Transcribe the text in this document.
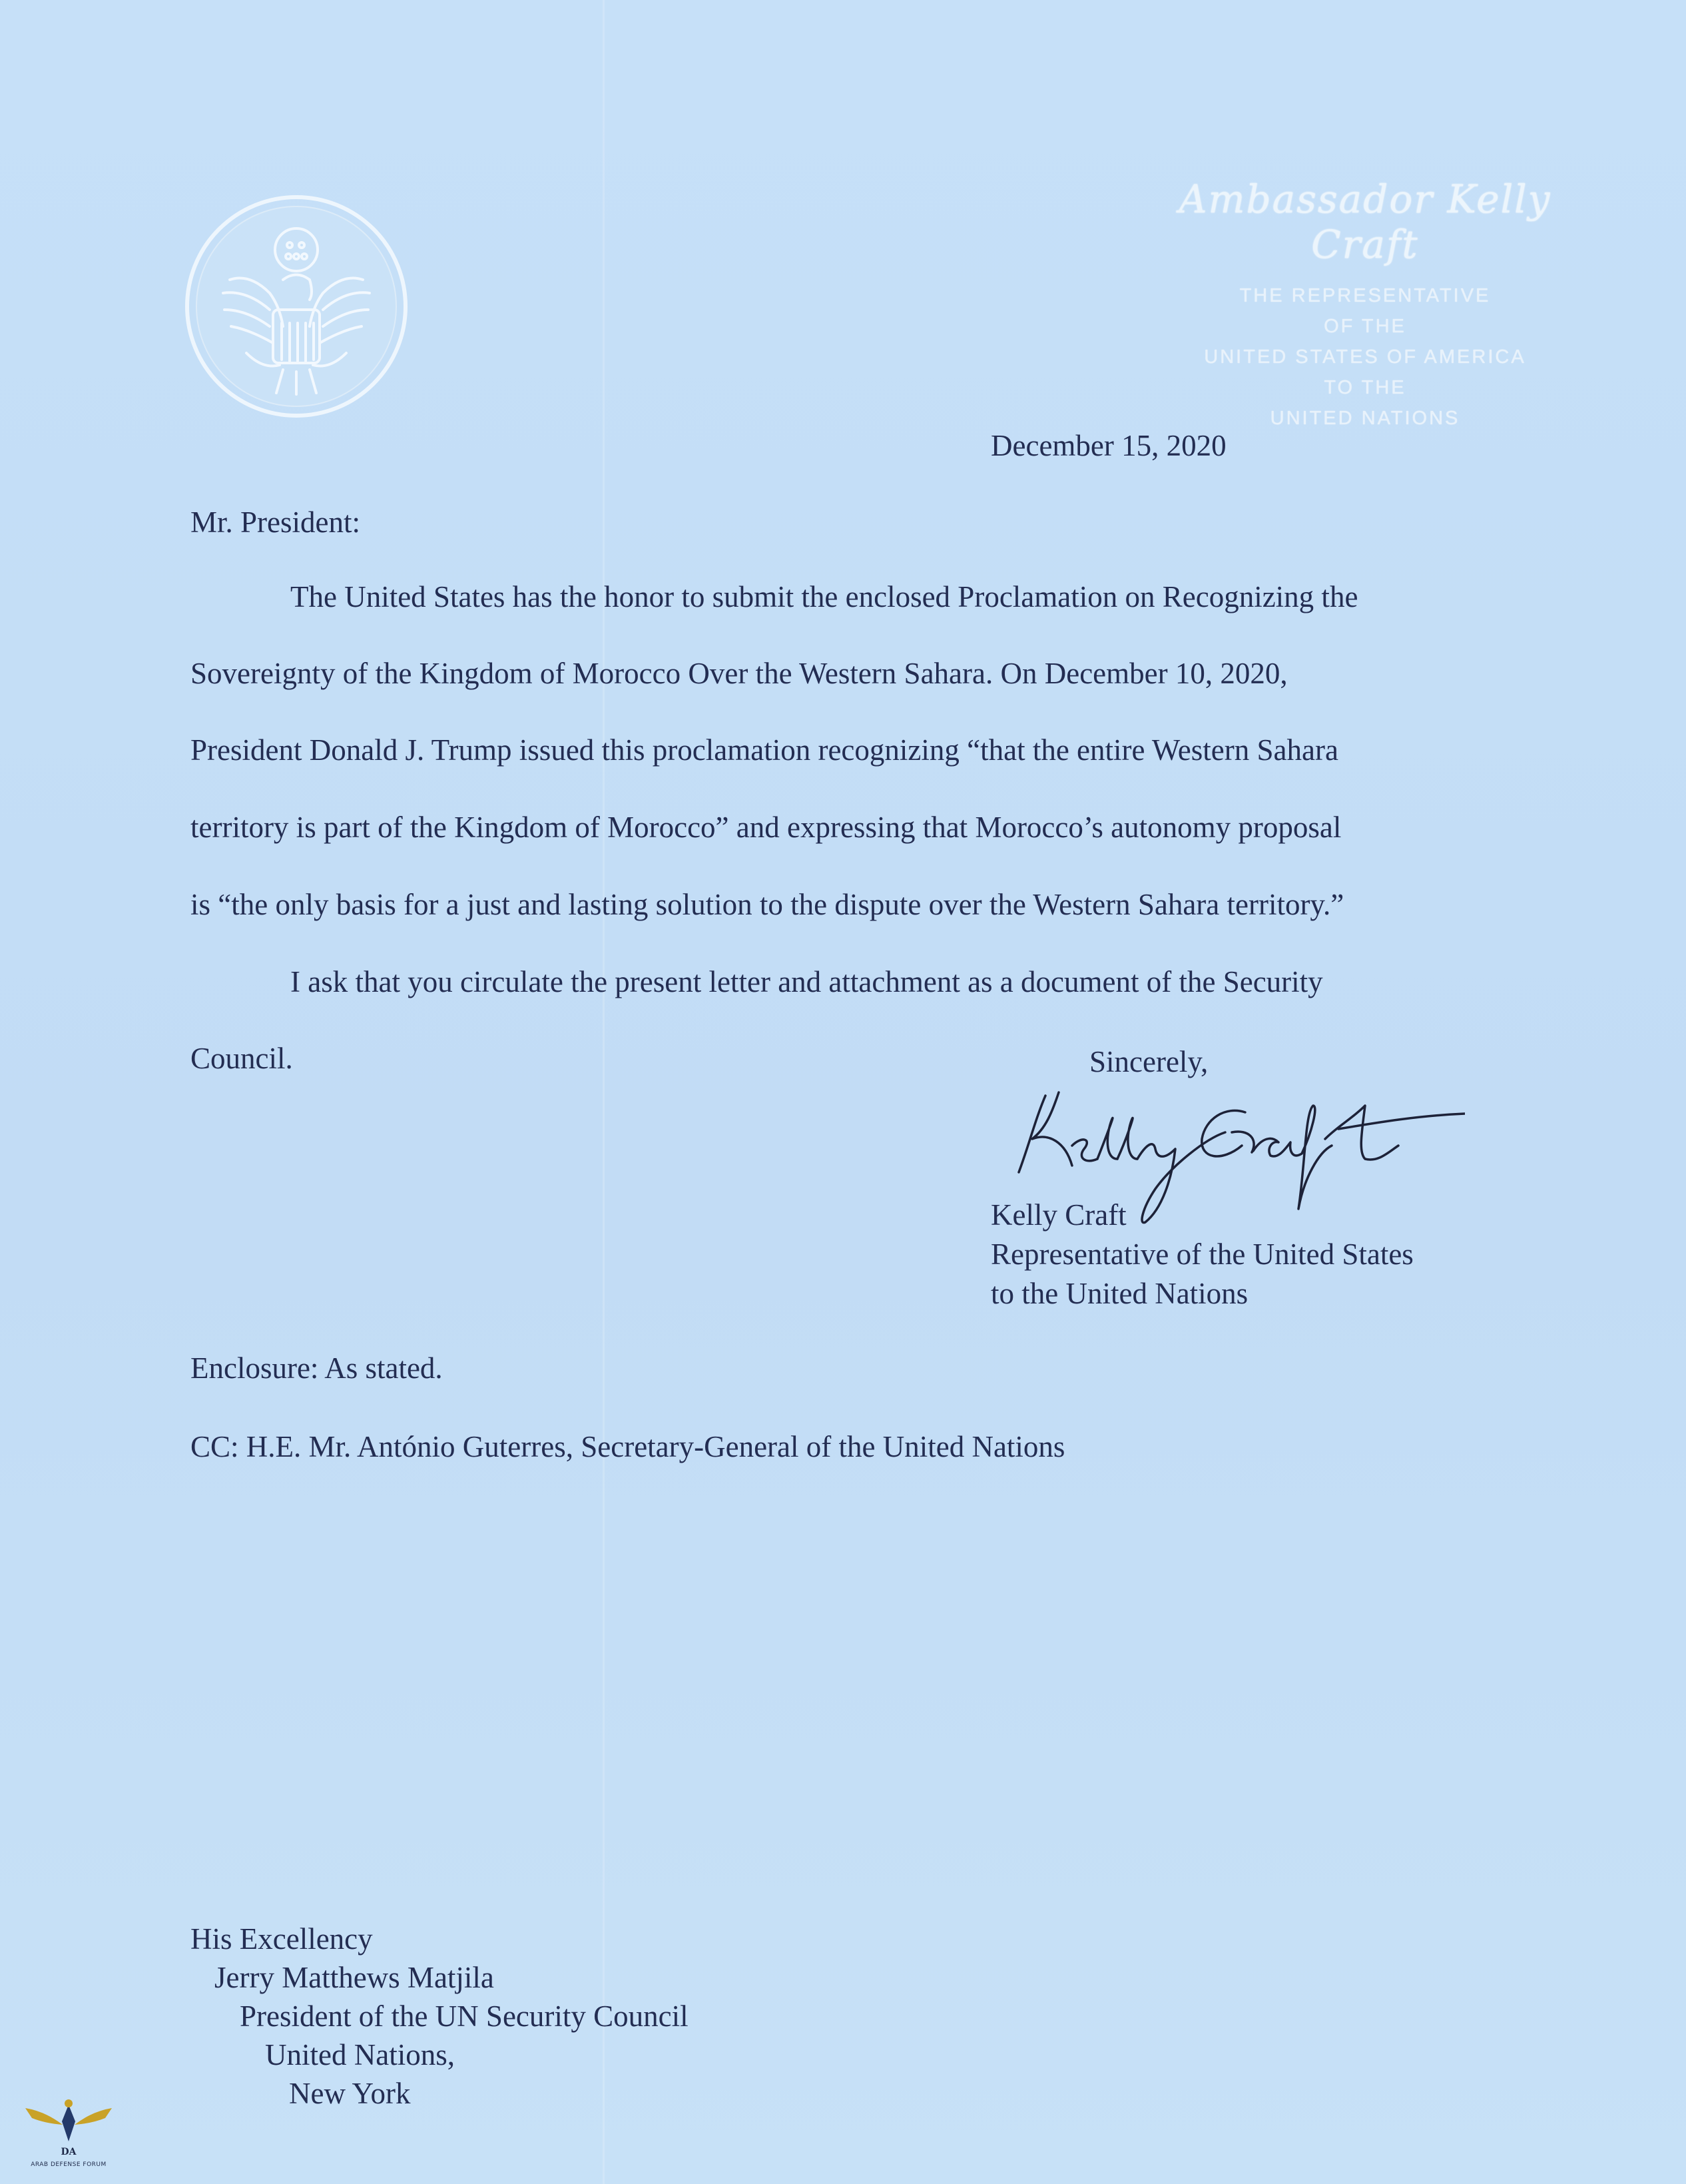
Ambassador Kelly Craft
THE REPRESENTATIVE
OF THE
UNITED STATES OF AMERICA
TO THE
UNITED NATIONS
December 15, 2020
Mr. President:
The United States has the honor to submit the enclosed Proclamation on Recognizing the
Sovereignty of the Kingdom of Morocco Over the Western Sahara. On December 10, 2020,
President Donald J. Trump issued this proclamation recognizing “that the entire Western Sahara
territory is part of the Kingdom of Morocco” and expressing that Morocco’s autonomy proposal
is “the only basis for a just and lasting solution to the dispute over the Western Sahara territory.”
I ask that you circulate the present letter and attachment as a document of the Security
Council.	Sincerely,
Kelly Craft
Representative of the United States
to the United Nations
Enclosure: As stated.
CC: H.E. Mr. António Guterres, Secretary-General of the United Nations
His Excellency
Jerry Matthews Matjila
President of the UN Security Council
United Nations,
New York
DA
ARAB DEFENSE FORUM
